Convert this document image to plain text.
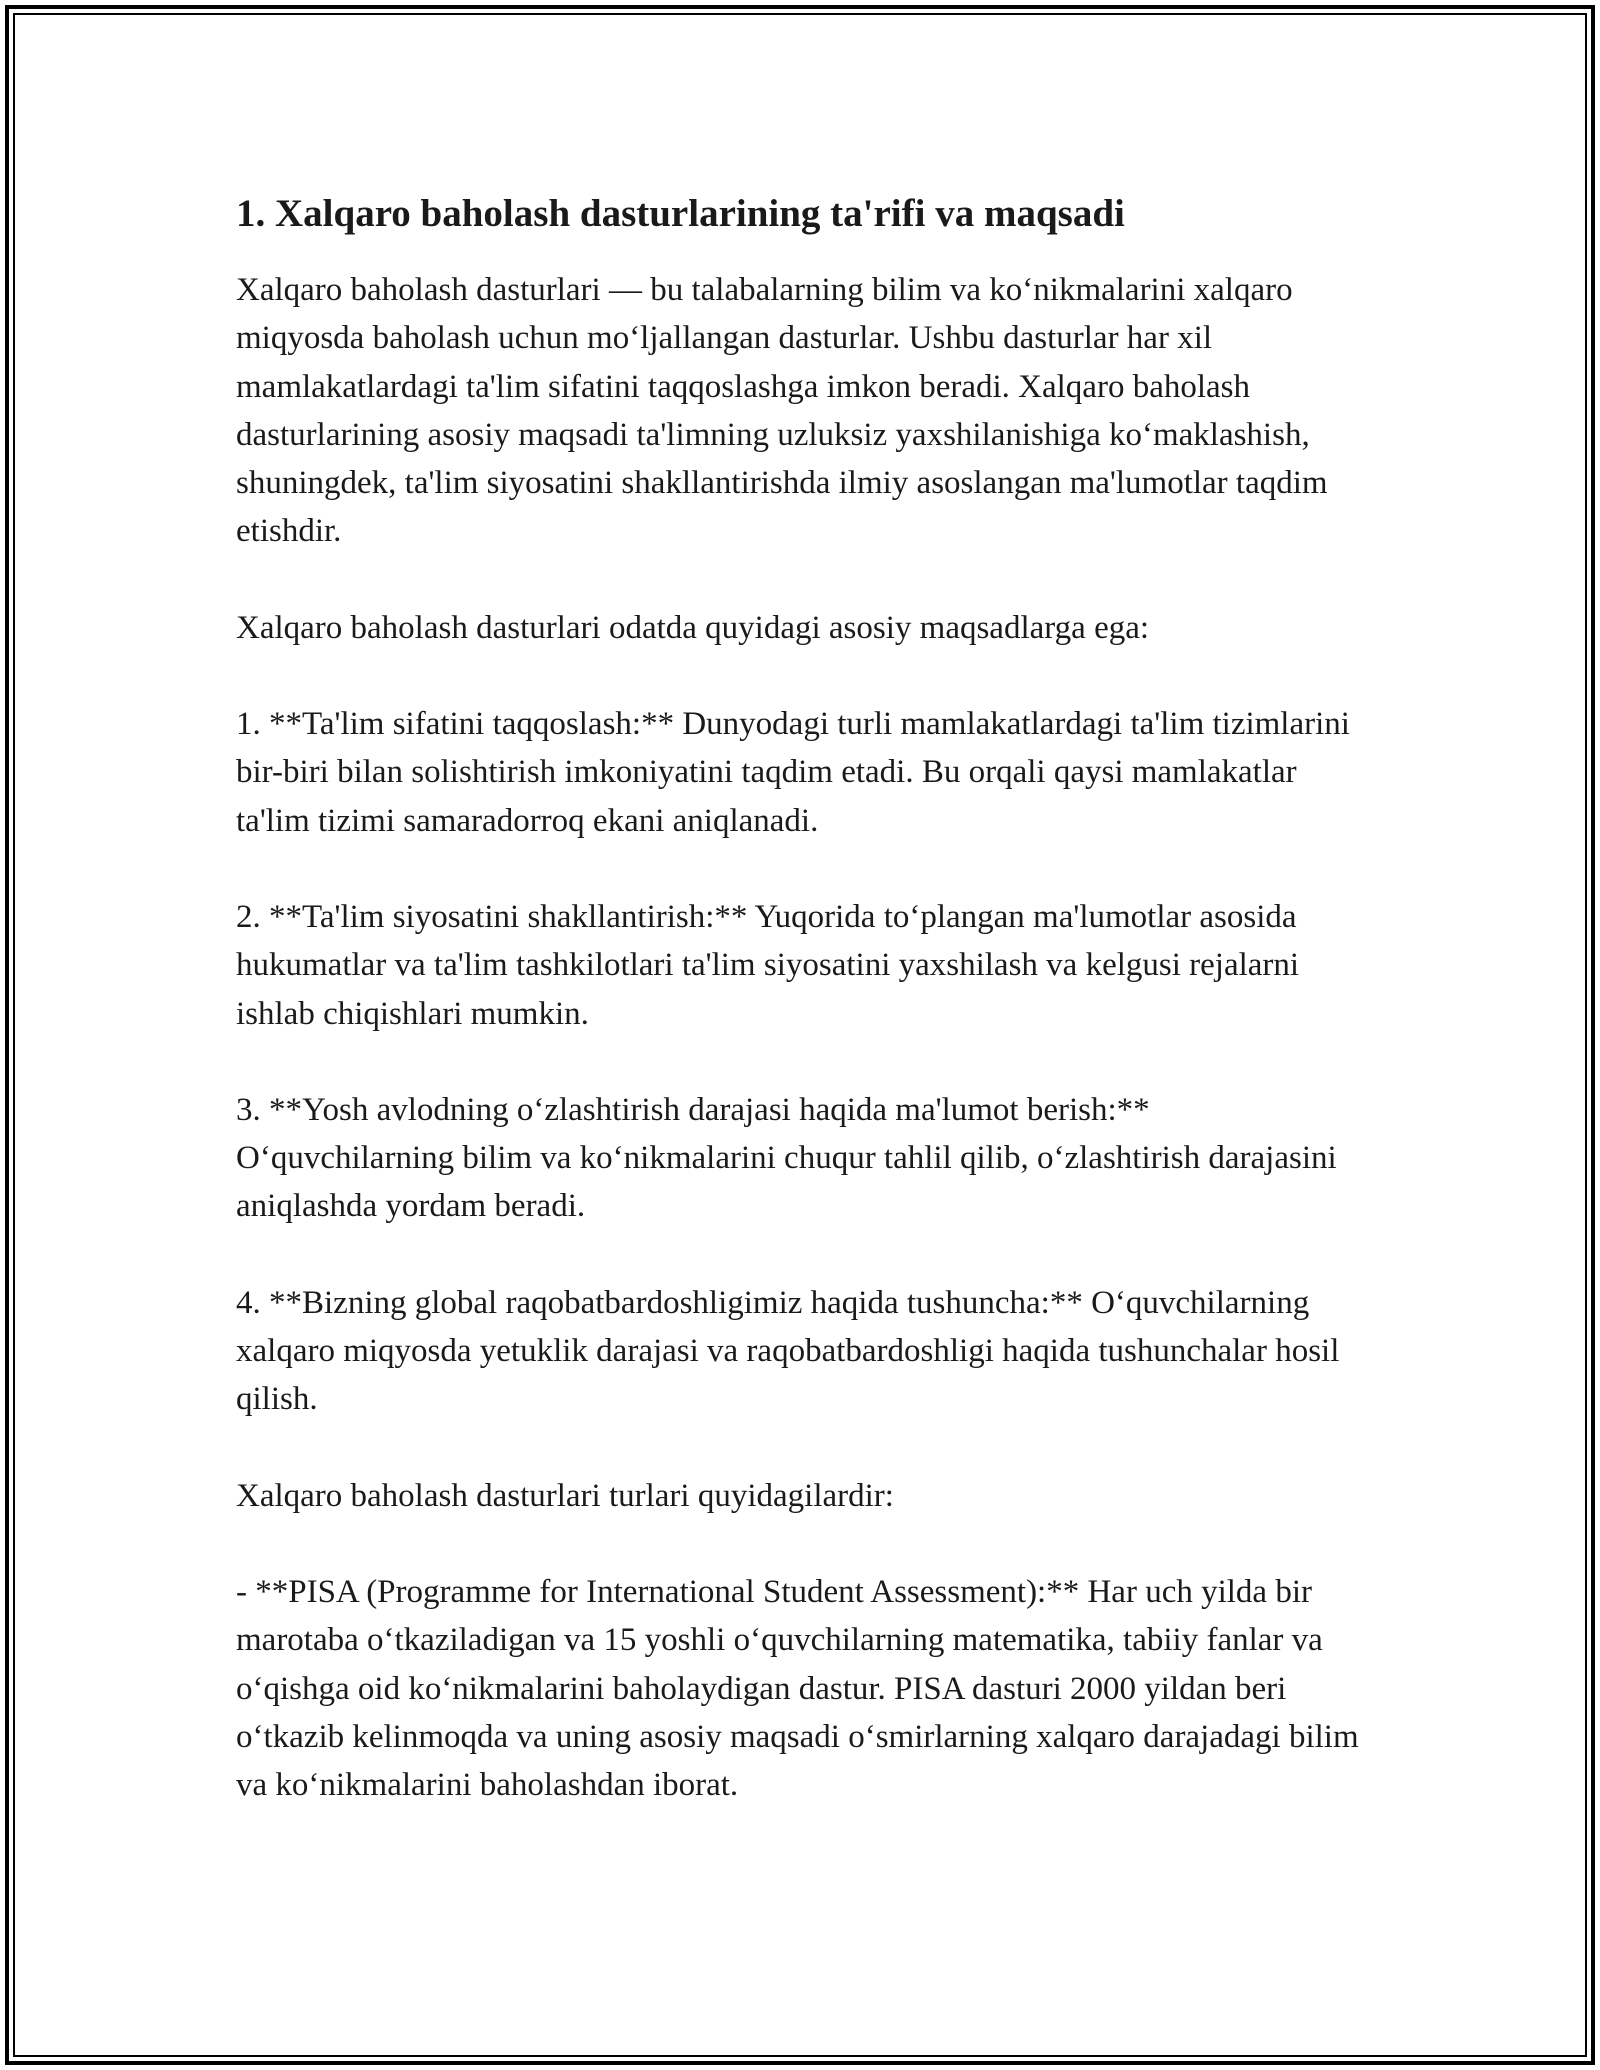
1. Xalqaro baholash dasturlarining ta'rifi va maqsadi

Xalqaro baholash dasturlari — bu talabalarning bilim va koʻnikmalarini xalqaro miqyosda baholash uchun moʻljallangan dasturlar. Ushbu dasturlar har xil mamlakatlardagi ta'lim sifatini taqqoslashga imkon beradi. Xalqaro baholash dasturlarining asosiy maqsadi ta'limning uzluksiz yaxshilanishiga koʻmaklashish, shuningdek, ta'lim siyosatini shakllantirishda ilmiy asoslangan ma'lumotlar taqdim etishdir.

Xalqaro baholash dasturlari odatda quyidagi asosiy maqsadlarga ega:

1. **Ta'lim sifatini taqqoslash:** Dunyodagi turli mamlakatlardagi ta'lim tizimlarini bir-biri bilan solishtirish imkoniyatini taqdim etadi. Bu orqali qaysi mamlakatlar ta'lim tizimi samaradorroq ekani aniqlanadi.

2. **Ta'lim siyosatini shakllantirish:** Yuqorida toʻplangan ma'lumotlar asosida hukumatlar va ta'lim tashkilotlari ta'lim siyosatini yaxshilash va kelgusi rejalarni ishlab chiqishlari mumkin.

3. **Yosh avlodning oʻzlashtirish darajasi haqida ma'lumot berish:** Oʻquvchilarning bilim va koʻnikmalarini chuqur tahlil qilib, oʻzlashtirish darajasini aniqlashda yordam beradi.

4. **Bizning global raqobatbardoshligimiz haqida tushuncha:** Oʻquvchilarning xalqaro miqyosda yetuklik darajasi va raqobatbardoshligi haqida tushunchalar hosil qilish.

Xalqaro baholash dasturlari turlari quyidagilardir:

- **PISA (Programme for International Student Assessment):** Har uch yilda bir marotaba oʻtkaziladigan va 15 yoshli oʻquvchilarning matematika, tabiiy fanlar va oʻqishga oid koʻnikmalarini baholaydigan dastur. PISA dasturi 2000 yildan beri oʻtkazib kelinmoqda va uning asosiy maqsadi oʻsmirlarning xalqaro darajadagi bilim va koʻnikmalarini baholashdan iborat.
